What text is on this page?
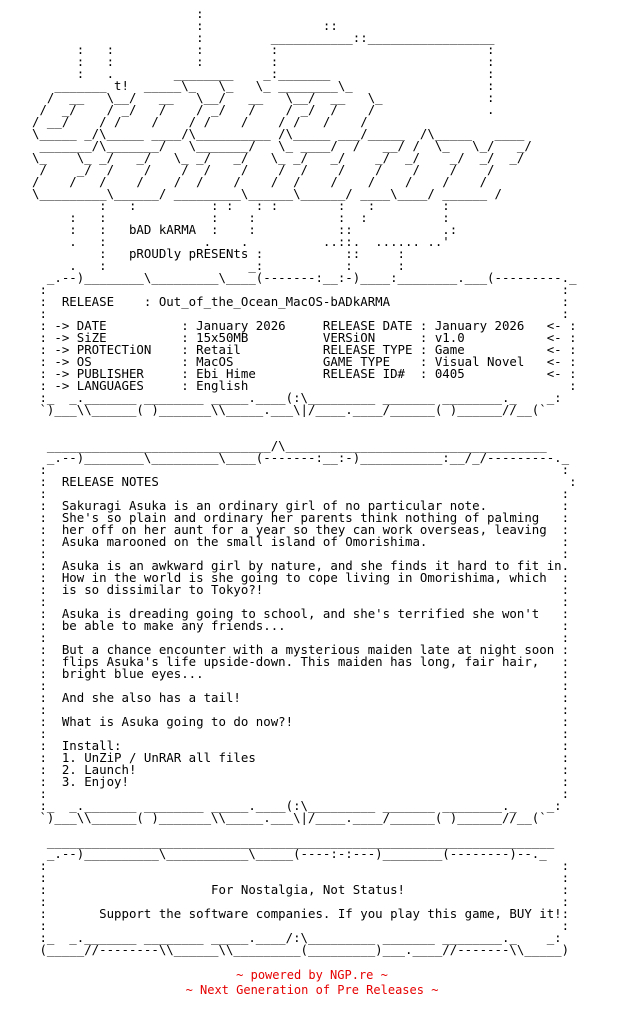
:
:                ::
:         ___________::_________________
:   :           :         :                            :
:   :           :         :                            :
:   .        ________    _:_______                     :
_______ t!  _____\_   \_   \_ ________\_                  :
/  __   \__/   __   \__/   __   \__/  __   \_              :
/  _/    / _/   /    / _/   /    / _/  /    /               .
/ __/    / /    /    / /    /    / /   /    /
\_____ _/\_____ ____/\__________ /\_____ ___/_____  /\_____   ____
_______/\_______/   \_______/   \_ ____/  /   __/ /  \_   \_/   _/
\_    \_ _/   _/   \_ _/   _/   \_ _/   _/    _/  _/    _/  _/  _/
/    _/  /    /    /  /    /    /  /    /    /    /    /    /
/    /   /    /    /  /    /    /  /    /    /    /    /    /
\_________\______/ _________\______\______/ ____\____/ ______ /
:   :          : :   : :        :   :         :
:   :              :    :           :  :          :
:   :   bAD kARMA  :    :           ::            .:
.   :             .    .          ..::.  ...... ..'
:   pROUDly pRESENts :           ::     :
.   :                   _:           :      :
_.--)________\_________\____(-------:__:-)____:________.___(---------._
:                                                                     :
:  RELEASE    : Out_of_the_Ocean_MacOS-bADkARMA                       :
:                                                                     :
: -> DATE          : January 2026     RELEASE DATE : January 2026   <- :
: -> SiZE          : 15x50MB          VERSiON      : v1.0           <- :
: -> PROTECTiON    : Retail           RELEASE TYPE : Game           <- :
: -> OS            : MacOS            GAME TYPE    : Visual Novel   <- :
: -> PUBLISHER     : Ebi Hime         RELEASE ID#  : 0405           <- :
: -> LANGUAGES     : English                                           :
:_  _._______ ________ _____.____(:\_________ _______ ________._    _:
`)___\\______( )_______\\_____.___\|/____.____/______( )______//__(`

______________________________/\___________________________________
_.--)________\_________\____(-------:__:-)___________:__/_/---------._
:                                                                     :
:  RELEASE NOTES                                                       :
:                                                                     :
:  Sakuragi Asuka is an ordinary girl of no particular note.          :
:  She's so plain and ordinary her parents think nothing of palming   :
:  her off on her aunt for a year so they can work overseas, leaving  :
:  Asuka marooned on the small island of Omorishima.                  :
:                                                                     :
:  Asuka is an awkward girl by nature, and she finds it hard to fit in.
:  How in the world is she going to cope living in Omorishima, which  :
:  is so dissimilar to Tokyo?!                                        :
:                                                                     :
:  Asuka is dreading going to school, and she's terrified she won't   :
:  be able to make any friends...                                     :
:                                                                     :
:  But a chance encounter with a mysterious maiden late at night soon :
:  flips Asuka's life upside-down. This maiden has long, fair hair,   :
:  bright blue eyes...                                                :
:                                                                     :
:  And she also has a tail!                                           :
:                                                                     :
:  What is Asuka going to do now?!                                    :
:                                                                     :
:  Install:                                                           :
:  1. UnZiP / UnRAR all files                                         :
:  2. Launch!                                                         :
:  3. Enjoy!                                                          :
:                                                                     :
:_  _._______ ________ _____.____(:\_________ _______ ________._    _:
`)___\\______( )_______\\_____.___\|/____.____/______( )______//__(`

____________________________________________________________________
_.--)__________\___________\_____(----:-:---)________(--------)--._
:                                                                     :
:                                                                     :
:                      For Nostalgia, Not Status!                     :
:                                                                     :
:       Support the software companies. If you play this game, BUY it!:
:                                                                     :
:_  _._______ ________ _____.____/:\_________ _______ ________._    _:
(_____//--------\\______\\_________(_________)___.____//-------\\_____)
~ powered by NGP.re ~
~ Next Generation of Pre Releases ~
